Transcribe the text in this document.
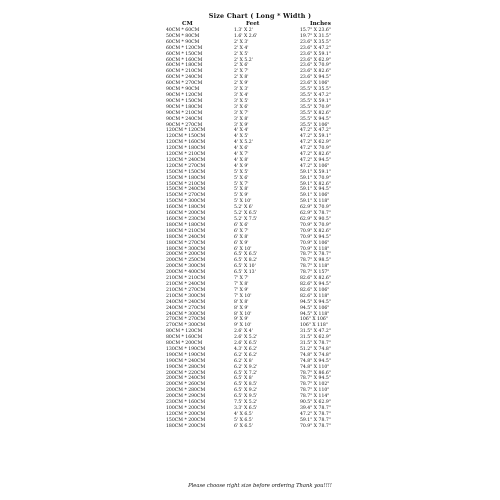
Size Chart ( Long * Width )
CM	Feet	Inches
40CM * 60CM	1.3' X 2'	15.7" X 23.6"
50CM * 80CM	1.6' X 2.6'	19.7" X 31.5"
60CM * 90CM	2' X 3'	23.6" X 35.5"
60CM * 120CM	2' X 4'	23.6" X 47.2"
60CM * 150CM	2' X 5'	23.6" X 59.1"
60CM * 160CM	2' X 5.2'	23.6" X 62.9"
60CM * 180CM	2' X 6'	23.6" X 70.9"
60CM * 210CM	2' X 7'	23.6" X 82.6"
60CM * 240CM	2' X 8'	23.6" X 94.5"
60CM * 270CM	2' X 9'	23.6" X 106"
90CM * 90CM	3' X 3'	35.5" X 35.5"
90CM * 120CM	3' X 4'	35.5" X 47.2"
90CM * 150CM	3' X 5'	35.5" X 59.1"
90CM * 180CM	3' X 6'	35.5" X 70.9"
90CM * 210CM	3' X 7'	35.5" X 82.6"
90CM * 240CM	3' X 8'	35.5" X 94.5"
90CM * 270CM	3' X 9'	35.5" X 106"
120CM * 120CM	4' X 4'	47.2" X 47.2"
120CM * 150CM	4' X 5'	47.2" X 59.1"
120CM * 160CM	4' X 5.2'	47.2" X 62.9"
120CM * 180CM	4' X 6'	47.2" X 70.9"
120CM * 210CM	4' X 7'	47.2" X 82.6"
120CM * 240CM	4' X 8'	47.2" X 94.5"
120CM * 270CM	4' X 9'	47.2" X 106"
150CM * 150CM	5' X 5'	59.1" X 59.1"
150CM * 180CM	5' X 6'	59.1" X 70.9"
150CM * 210CM	5' X 7'	59.1" X 82.6"
150CM * 240CM	5' X 8'	59.1" X 94.5"
150CM * 270CM	5' X 9'	59.1" X 106"
150CM * 300CM	5' X 10'	59.1" X 118"
160CM * 180CM	5.2' X 6'	62.9" X 70.9"
160CM * 200CM	5.2' X 6.5'	62.9" X 78.7"
160CM * 230CM	5.2' X 7.5'	62.9" X 90.5"
180CM * 180CM	6' X 6'	70.9" X 70.9"
180CM * 210CM	6' X 7'	70.9" X 82.6"
180CM * 240CM	6' X 8'	70.9" X 94.5"
180CM * 270CM	6' X 9'	70.9" X 106"
180CM * 300CM	6' X 10'	70.9" X 118"
200CM * 200CM	6.5' X 6.5'	78.7" X 78.7"
200CM * 250CM	6.5' X 8.2'	78.7" X 98.5"
200CM * 300CM	6.5' X 10'	78.7" X 118"
200CM * 400CM	6.5' X 13'	78.7" X 157"
210CM * 210CM	7' X 7'	82.6" X 82.6"
210CM * 240CM	7' X 8'	82.6" X 94.5"
210CM * 270CM	7' X 9'	82.6" X 106"
210CM * 300CM	7' X 10'	82.6" X 118"
240CM * 240CM	8' X 8'	94.5" X 94.5"
240CM * 270CM	8' X 9'	94.5" X 106"
240CM * 300CM	8' X 10'	94.5" X 118"
270CM * 270CM	9' X 9'	106" X 106"
270CM * 300CM	9' X 10'	106" X 118"
80CM * 120CM	2.6' X 4'	31.5" X 47.2"
80CM * 160CM	2.6' X 5.2'	31.5" X 62.9"
80CM * 200CM	2.6' X 6.5'	31.5" X 78.7"
130CM * 190CM	4.3' X 6.2'	51.2" X 74.8"
190CM * 190CM	6.2' X 6.2'	74.8" X 74.8"
190CM * 240CM	6.2' X 8'	74.8" X 94.5"
190CM * 280CM	6.2' X 9.2'	74.8" X 110"
200CM * 220CM	6.5' X 7.2'	78.7" X 86.6"
200CM * 240CM	6.5' X 8'	78.7" X 94.5"
200CM * 260CM	6.5' X 8.5'	78.7" X 102"
200CM * 280CM	6.5' X 9.2'	78.7" X 110"
200CM * 290CM	6.5' X 9.5'	78.7" X 114"
230CM * 160CM	7.5' X 5.2'	90.5" X 62.9"
100CM * 200CM	3.3' X 6.5'	39.4" X 78.7"
120CM * 200CM	4' X 6.5'	47.2" X 78.7"
150CM * 200CM	5' X 6.5'	59.1" X 78.7"
180CM * 200CM	6' X 6.5'	70.9" X 78.7"
Please choose right size before ordering Thank you!!!!
